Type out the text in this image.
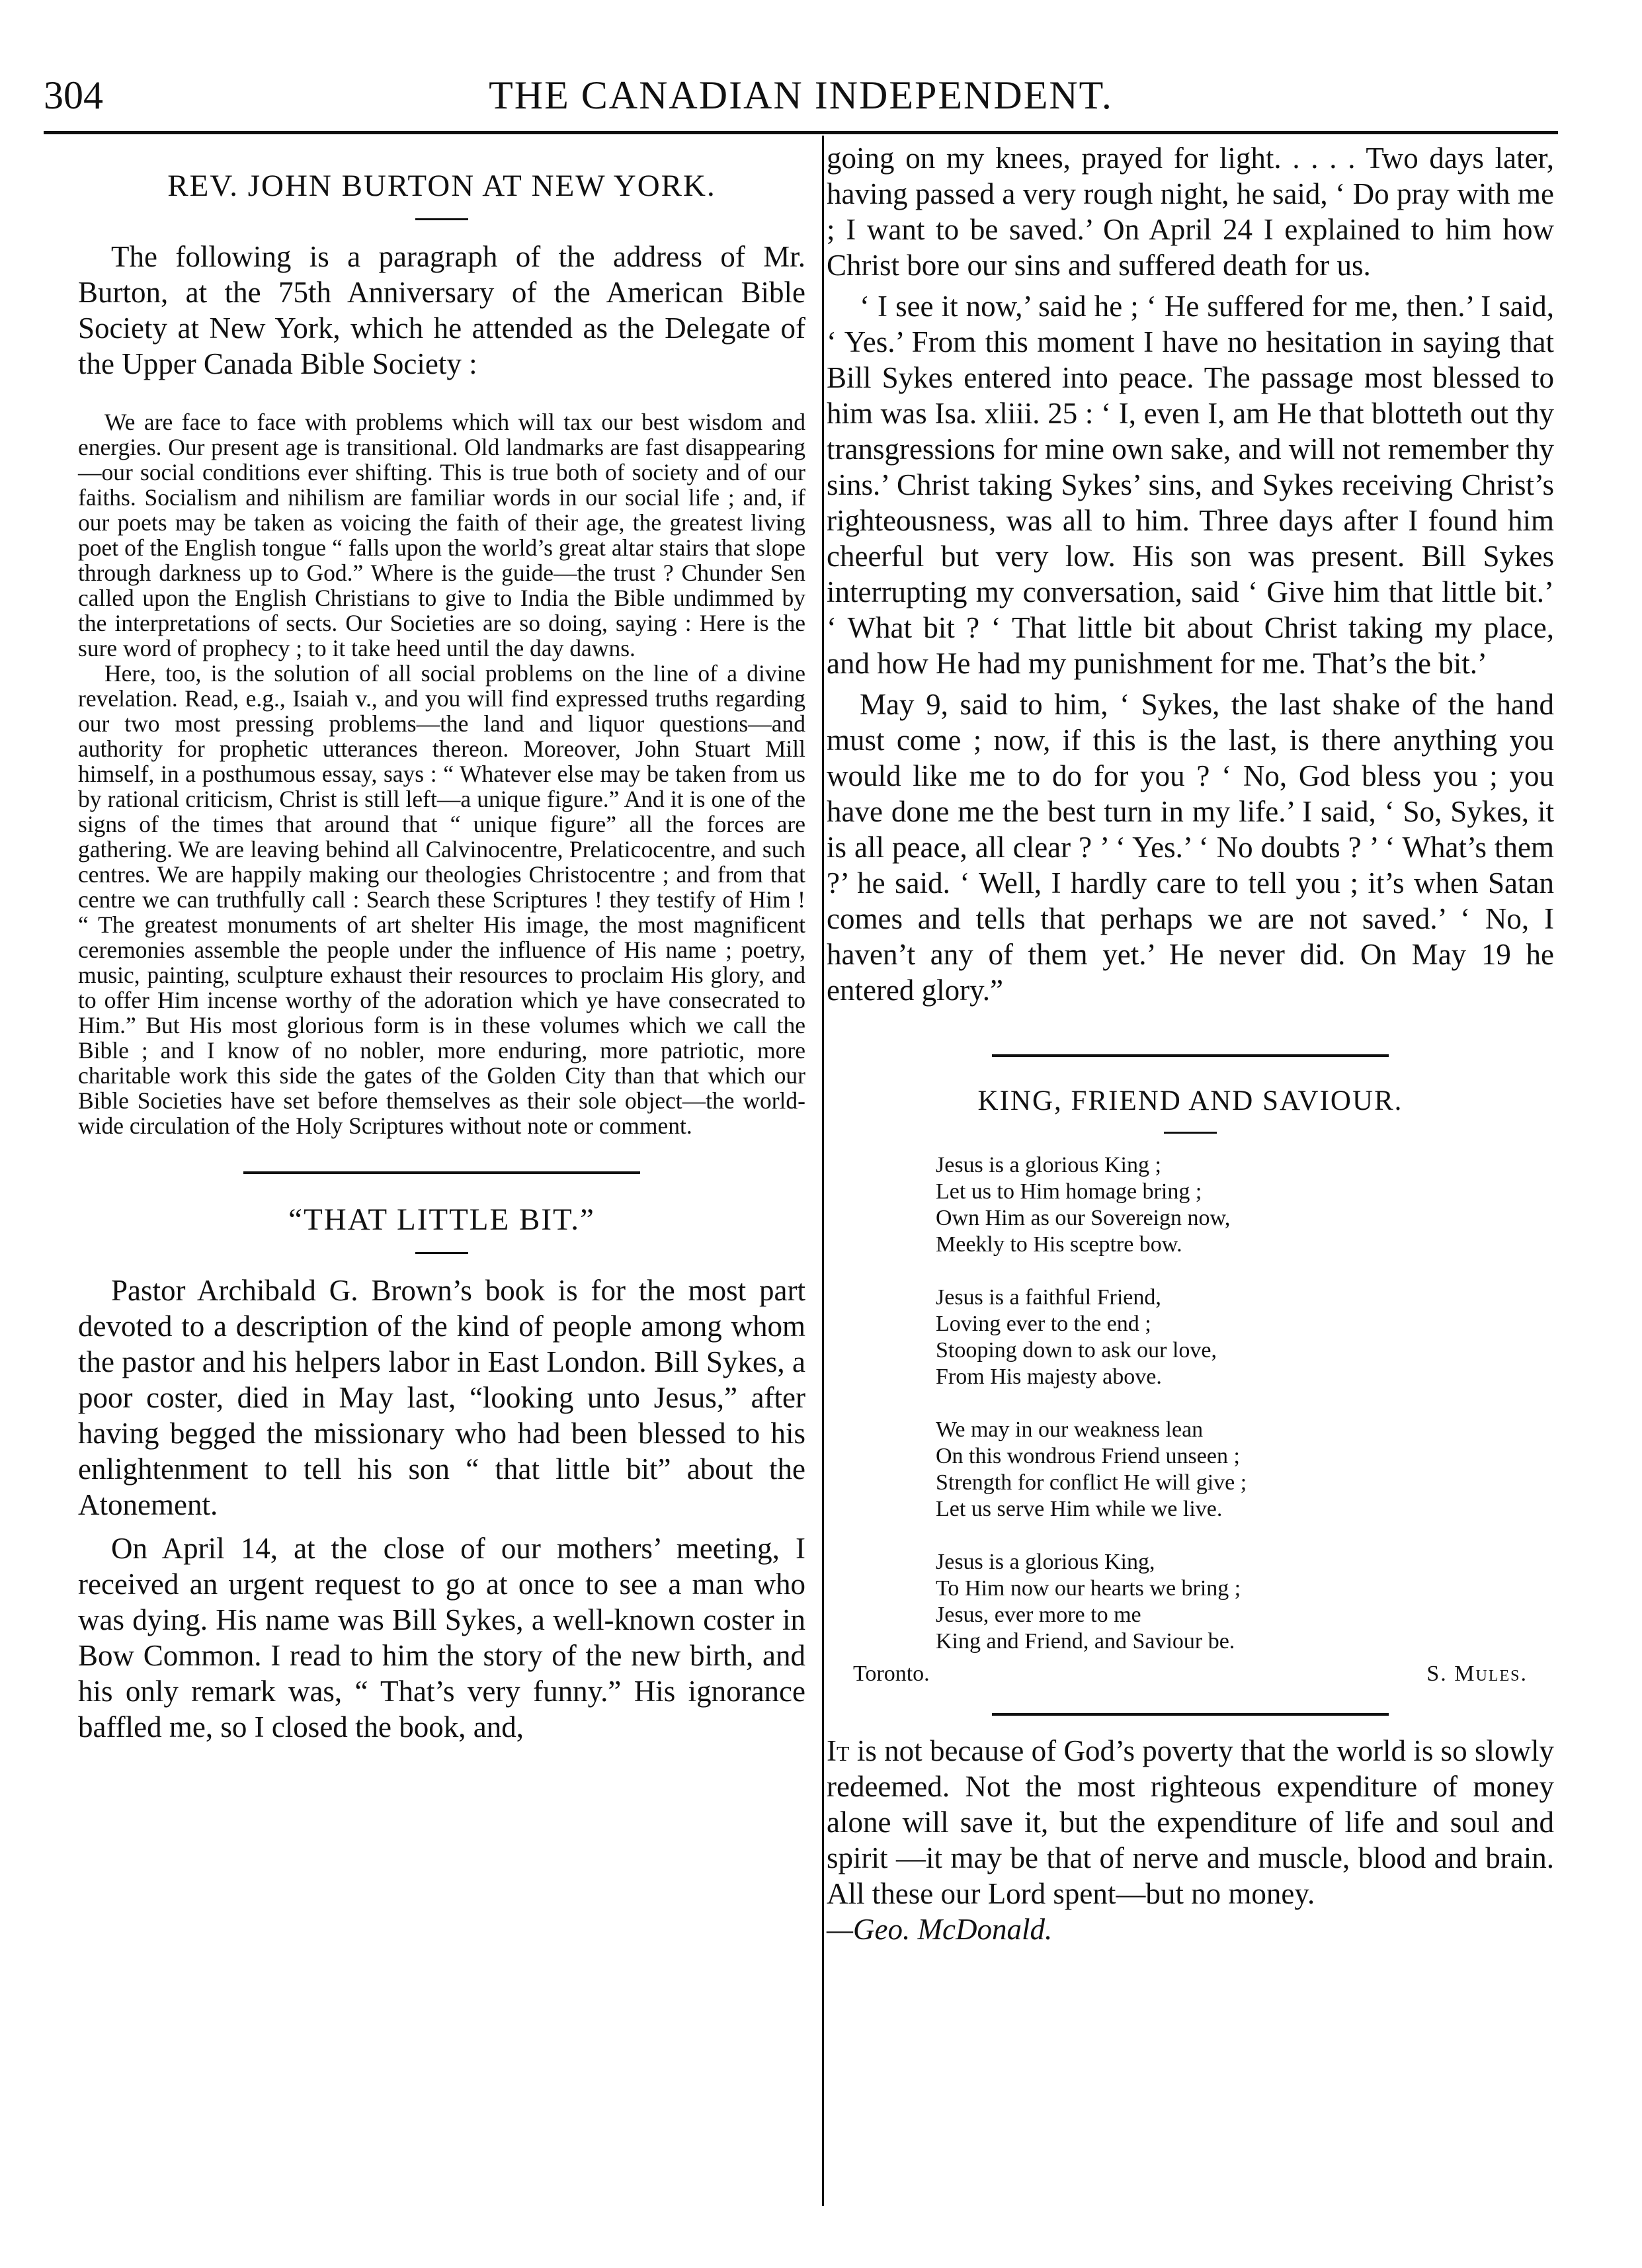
304	THE CANADIAN INDEPENDENT.
REV. JOHN BURTON AT NEW YORK.

The following is a paragraph of the address of Mr. Burton, at the 75th Anniversary of the American Bible Society at New York, which he attended as the Delegate of the Upper Canada Bible Society :

We are face to face with problems which will tax our best wisdom and energies. Our present age is transitional. Old landmarks are fast disappearing—our social conditions ever shifting. This is true both of society and of our faiths. Socialism and nihilism are familiar words in our social life ; and, if our poets may be taken as voicing the faith of their age, the greatest living poet of the English tongue “ falls upon the world’s great altar stairs that slope through darkness up to God.” Where is the guide—the trust ? Chunder Sen called upon the English Christians to give to India the Bible undimmed by the interpretations of sects. Our Societies are so doing, saying : Here is the sure word of prophecy ; to it take heed until the day dawns.

Here, too, is the solution of all social problems on the line of a divine revelation. Read, e.g., Isaiah v., and you will find expressed truths regarding our two most pressing problems—the land and liquor questions—and authority for prophetic utterances thereon. Moreover, John Stuart Mill himself, in a posthumous essay, says : “ Whatever else may be taken from us by rational criticism, Christ is still left—a unique figure.” And it is one of the signs of the times that around that “ unique figure” all the forces are gathering. We are leaving behind all Calvinocentre, Prelaticocentre, and such centres. We are happily making our theologies Christocentre ; and from that centre we can truthfully call : Search these Scriptures ! they testify of Him ! “ The greatest monuments of art shelter His image, the most magnificent ceremonies assemble the people under the influence of His name ; poetry, music, painting, sculpture exhaust their resources to proclaim His glory, and to offer Him incense worthy of the adoration which ye have consecrated to Him.” But His most glorious form is in these volumes which we call the Bible ; and I know of no nobler, more enduring, more patriotic, more charitable work this side the gates of the Golden City than that which our Bible Societies have set before themselves as their sole object—the world-wide circulation of the Holy Scriptures without note or comment.

“THAT LITTLE BIT.”

Pastor Archibald G. Brown’s book is for the most part devoted to a description of the kind of people among whom the pastor and his helpers labor in East London. Bill Sykes, a poor coster, died in May last, “looking unto Jesus,” after having begged the missionary who had been blessed to his enlightenment to tell his son “ that little bit” about the Atonement.

On April 14, at the close of our mothers’ meeting, I received an urgent request to go at once to see a man who was dying. His name was Bill Sykes, a well-known coster in Bow Common. I read to him the story of the new birth, and his only remark was, “ That’s very funny.” His ignorance baffled me, so I closed the book, and,

going on my knees, prayed for light. . . . . Two days later, having passed a very rough night, he said, ‘ Do pray with me ; I want to be saved.’ On April 24 I explained to him how Christ bore our sins and suffered death for us.

‘ I see it now,’ said he ; ‘ He suffered for me, then.’ I said, ‘ Yes.’ From this moment I have no hesitation in saying that Bill Sykes entered into peace. The passage most blessed to him was Isa. xliii. 25 : ‘ I, even I, am He that blotteth out thy transgressions for mine own sake, and will not remember thy sins.’ Christ taking Sykes’ sins, and Sykes receiving Christ’s righteousness, was all to him. Three days after I found him cheerful but very low. His son was present. Bill Sykes interrupting my conversation, said ‘ Give him that little bit.’ ‘ What bit ? ‘ That little bit about Christ taking my place, and how He had my punishment for me. That’s the bit.’

May 9, said to him, ‘ Sykes, the last shake of the hand must come ; now, if this is the last, is there anything you would like me to do for you ? ‘ No, God bless you ; you have done me the best turn in my life.’ I said, ‘ So, Sykes, it is all peace, all clear ? ’ ‘ Yes.’ ‘ No doubts ? ’ ‘ What’s them ?’ he said. ‘ Well, I hardly care to tell you ; it’s when Satan comes and tells that perhaps we are not saved.’ ‘ No, I haven’t any of them yet.’ He never did. On May 19 he entered glory.”

KING, FRIEND AND SAVIOUR.
Jesus is a glorious King ;
Let us to Him homage bring ;
Own Him as our Sovereign now,
Meekly to His sceptre bow.
Jesus is a faithful Friend,
Loving ever to the end ;
Stooping down to ask our love,
From His majesty above.
We may in our weakness lean
On this wondrous Friend unseen ;
Strength for conflict He will give ;
Let us serve Him while we live.
Jesus is a glorious King,
To Him now our hearts we bring ;
Jesus, ever more to me
King and Friend, and Saviour be.
Toronto.	S. Mules.

It is not because of God’s poverty that the world is so slowly redeemed. Not the most righteous expenditure of money alone will save it, but the expenditure of life and soul and spirit —it may be that of nerve and muscle, blood and brain. All these our Lord spent—but no money.
—Geo. McDonald.
